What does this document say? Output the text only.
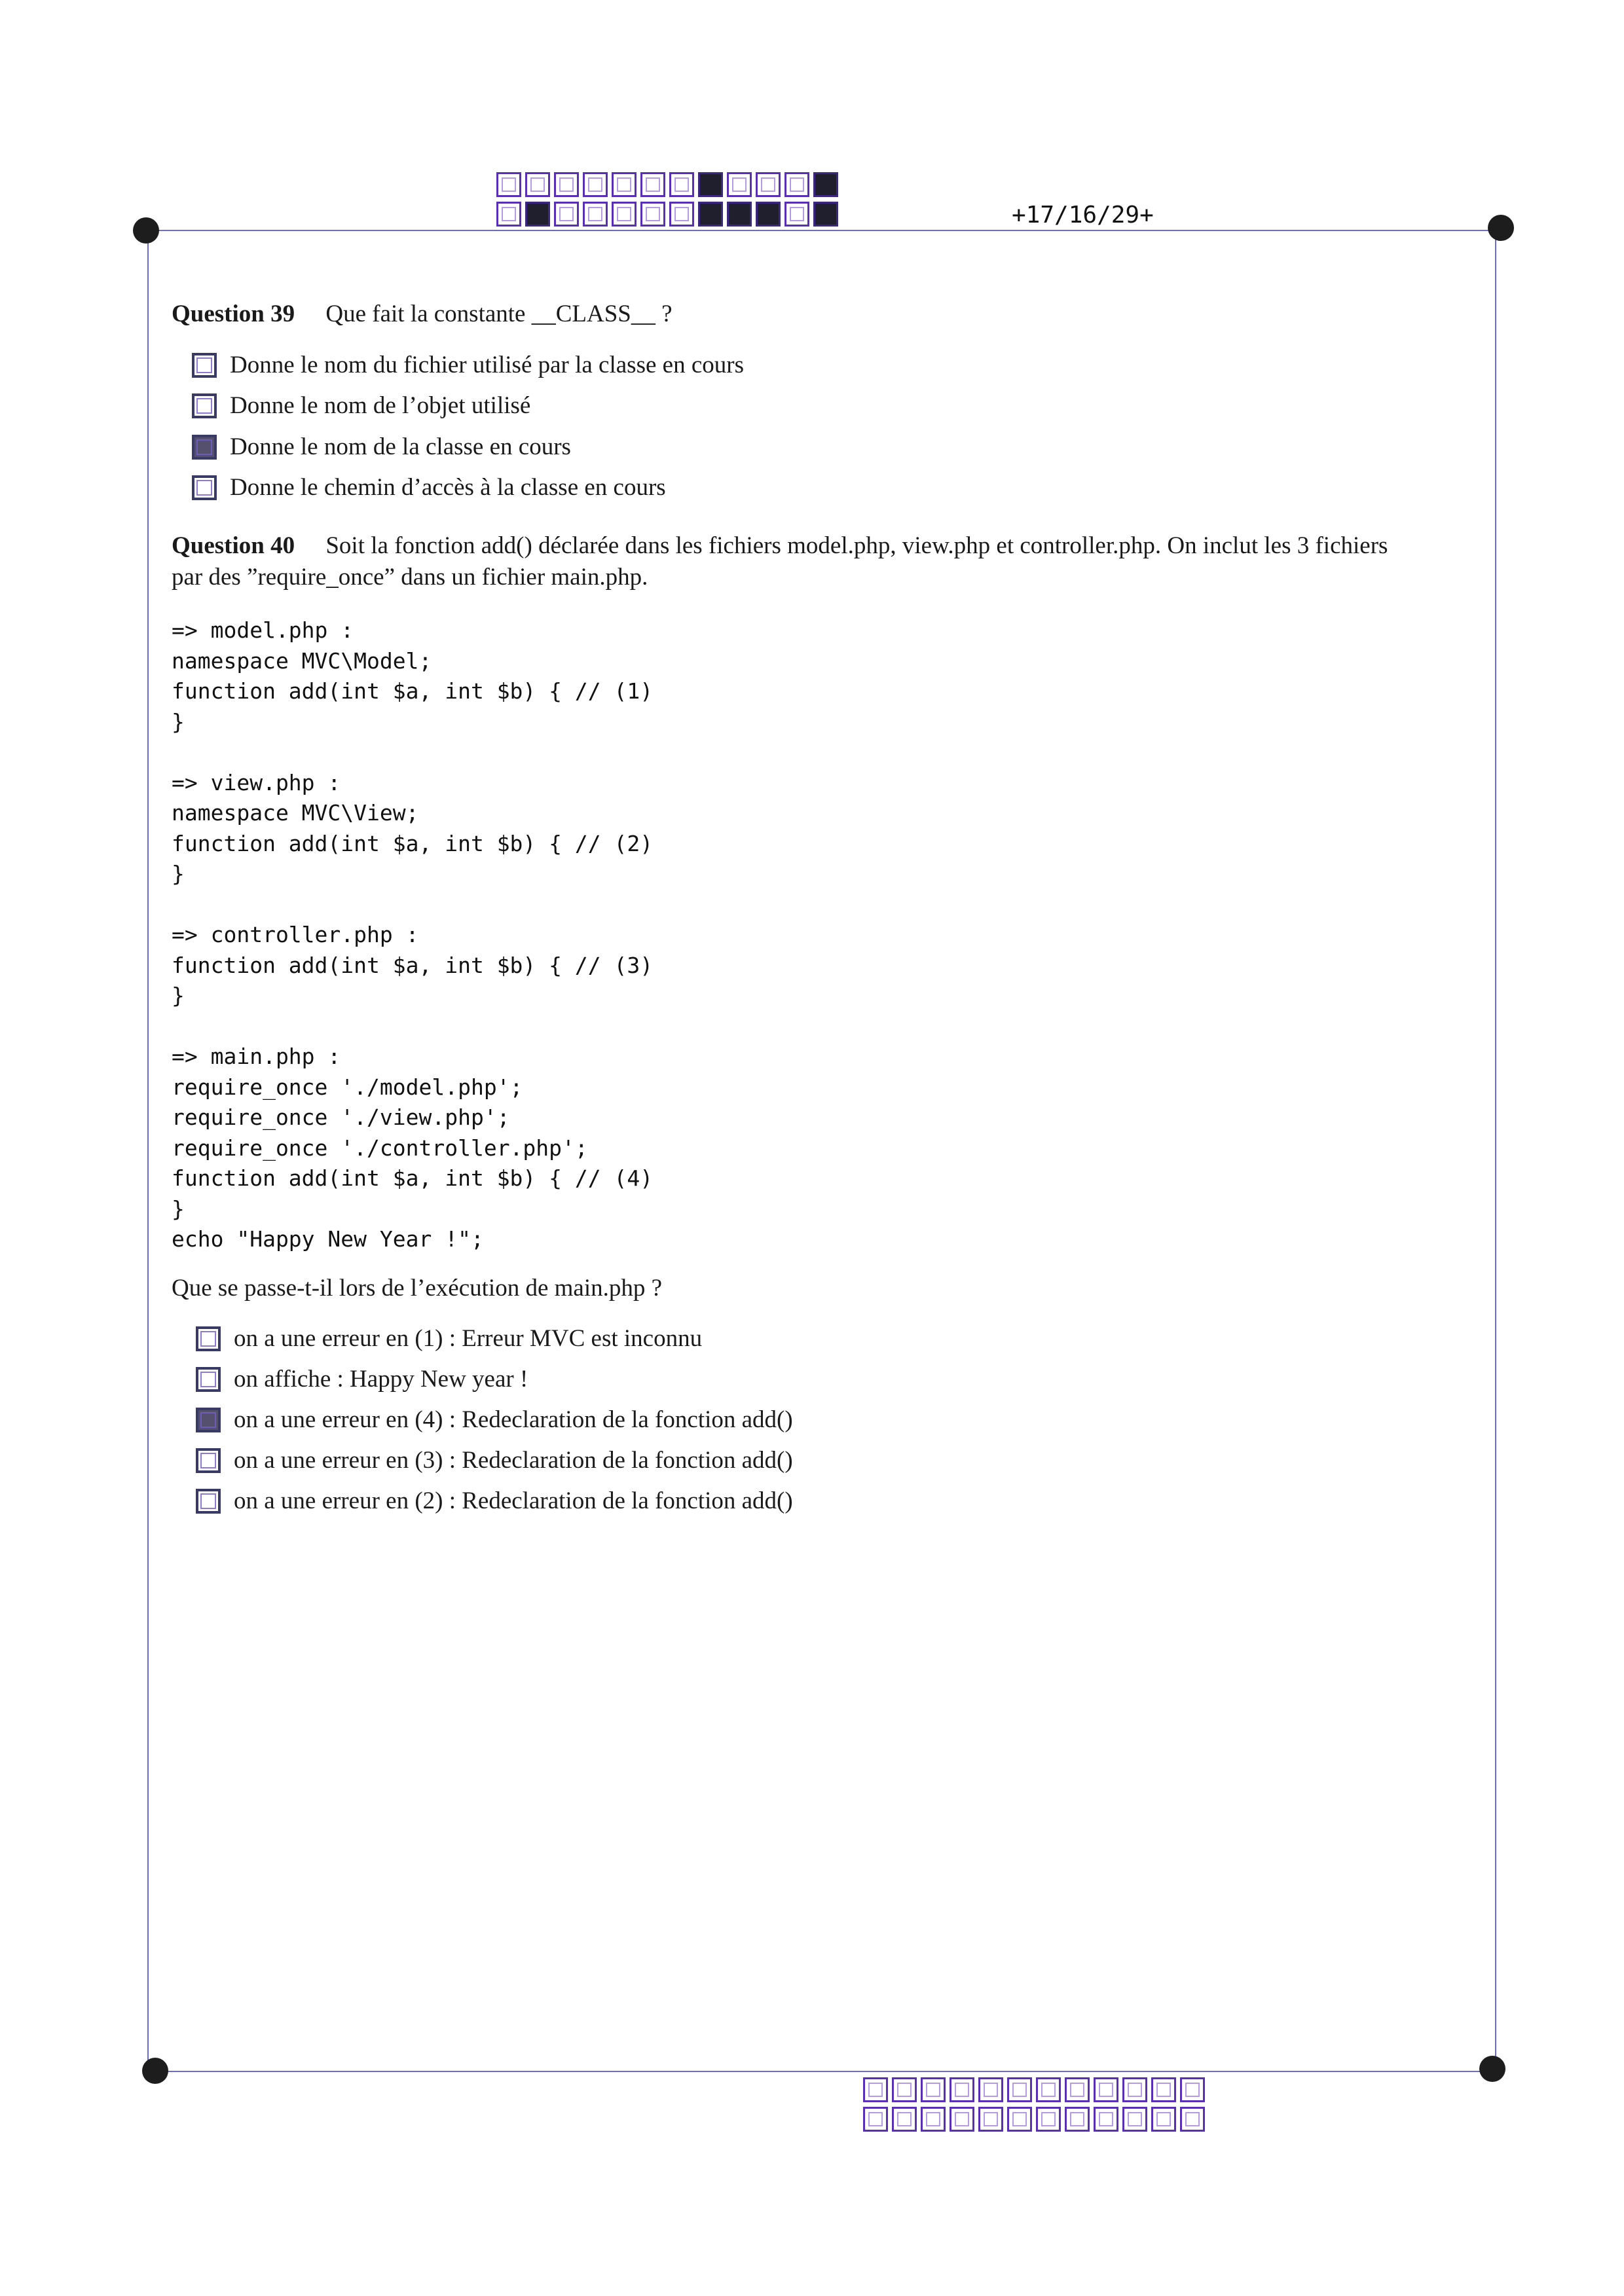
+17/16/29+
Question 39 Que fait la constante __CLASS__ ?
Donne le nom du fichier utilisé par la classe en cours
Donne le nom de l’objet utilisé
Donne le nom de la classe en cours
Donne le chemin d’accès à la classe en cours
Question 40 Soit la fonction add() déclarée dans les fichiers model.php, view.php et controller.php. On inclut les 3 fichiers
par des ”require_once” dans un fichier main.php.
=> model.php :
namespace MVC\Model;
function add(int $a, int $b) { // (1)
}

=> view.php :
namespace MVC\View;
function add(int $a, int $b) { // (2)
}

=> controller.php :
function add(int $a, int $b) { // (3)
}

=> main.php :
require_once './model.php';
require_once './view.php';
require_once './controller.php';
function add(int $a, int $b) { // (4)
}
echo "Happy New Year !";
Que se passe-t-il lors de l’exécution de main.php ?
on a une erreur en (1) : Erreur MVC est inconnu
on affiche : Happy New year !
on a une erreur en (4) : Redeclaration de la fonction add()
on a une erreur en (3) : Redeclaration de la fonction add()
on a une erreur en (2) : Redeclaration de la fonction add()
